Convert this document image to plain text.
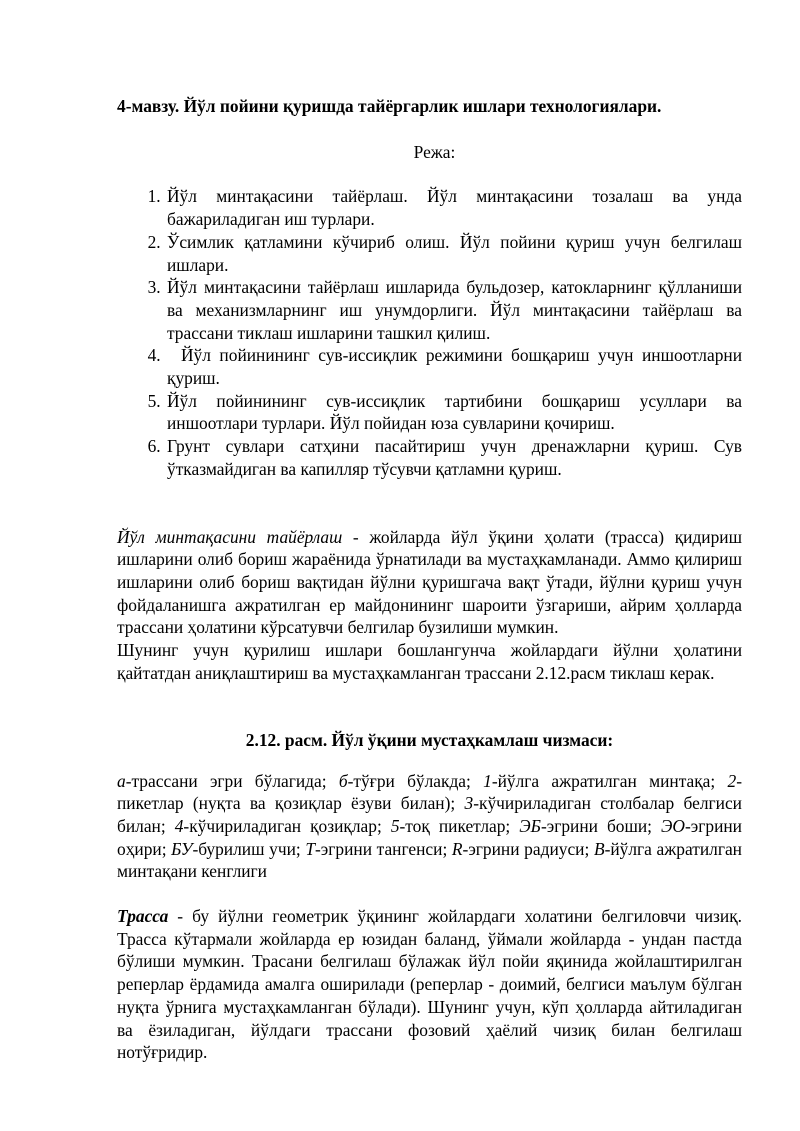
4-мавзу. Йўл пойини қуришда тайёргарлик ишлари технологиялари.

Режа:
1. Йўл минтақасини тайёрлаш. Йўл минтақасини тозалаш ва унда бажариладиган иш турлари.
2. Ўсимлик қатламини кўчириб олиш. Йўл пойини қуриш учун белгилаш ишлари.
3. Йўл минтақасини тайёрлаш ишларида бульдозер, катокларнинг қўлланиши ва механизмларнинг иш унумдорлиги. Йўл минтақасини тайёрлаш ва трассани тиклаш ишларини ташкил қилиш.
4. Йўл пойинининг сув-иссиқлик режимини бошқариш учун иншоотларни қуриш.
5. Йўл пойинининг сув-иссиқлик тартибини бошқариш усуллари ва иншоотлари турлари. Йўл пойидан юза сувларини қочириш.
6. Грунт сувлари сатҳини пасайтириш учун дренажларни қуриш. Сув ўтказмайдиган ва капилляр тўсувчи қатламни қуриш.

Йўл минтақасини тайёрлаш - жойларда йўл ўқини ҳолати (трасса) қидириш ишларини олиб бориш жараёнида ўрнатилади ва мустаҳкамланади. Аммо қилириш ишларини олиб бориш вақтидан йўлни қуришгача вақт ўтади, йўлни қуриш учун фойдаланишга ажратилган ер майдонининг шароити ўзгариши, айрим ҳолларда трассани ҳолатини кўрсатувчи белгилар бузилиши мумкин.

Шунинг учун қурилиш ишлари бошлангунча жойлардаги йўлни ҳолатини қайтатдан аниқлаштириш ва мустаҳкамланган трассани 2.12.расм тиклаш керак.

2.12. расм. Йўл ўқини мустаҳкамлаш чизмаси:

а-трассани эгри бўлагида; б-тўғри бўлакда; 1-йўлга ажратилган минтақа; 2-пикетлар (нуқта ва қозиқлар ёзуви билан); 3-кўчириладиган столбалар белгиси билан; 4-кўчириладиган қозиқлар; 5-тоқ пикетлар; ЭБ-эгрини боши; ЭО-эгрини оҳири; БУ-бурилиш учи; Т-эгрини тангенси; R-эгрини радиуси; В-йўлга ажратилган минтақани кенглиги

Трасса - бу йўлни геометрик ўқининг жойлардаги холатини белгиловчи чизиқ. Трасса кўтармали жойларда ер юзидан баланд, ўймали жойларда - ундан пастда бўлиши мумкин. Трасани белгилаш бўлажак йўл пойи яқинида жойлаштирилган реперлар ёрдамида амалга оширилади (реперлар - доимий, белгиси маълум бўлган нуқта ўрнига мустаҳкамланган бўлади). Шунинг учун, кўп ҳолларда айтиладиган ва ёзиладиган, йўлдаги трассани фозовий ҳаёлий чизиқ билан белгилаш нотўғридир.
